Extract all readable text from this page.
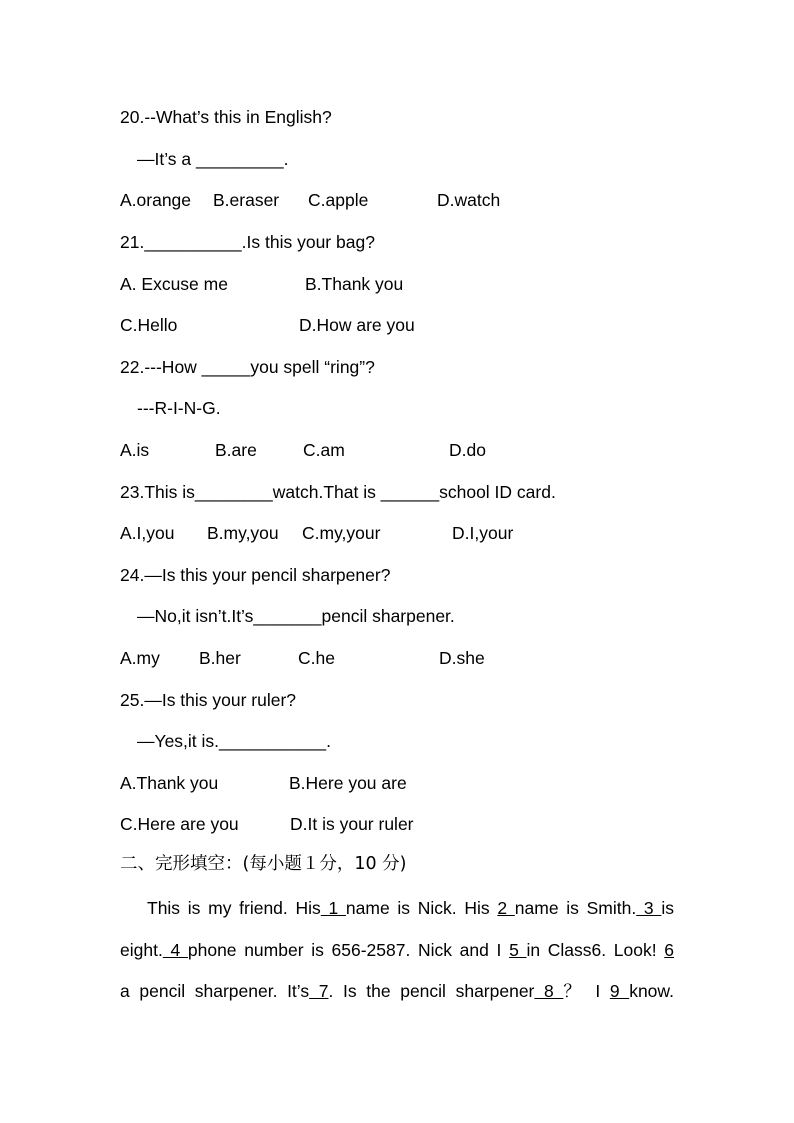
20.--What’s this in English?
—It’s a _________.
A.orange B.eraser C.apple	D.watch
21.__________.Is this your bag?
A. Excuse me	B.Thank you
C.Hello	D.How are you
22.---How _____you spell “ring”?
---R-I-N-G.
A.is	B.are	C.am	D.do
23.This is________watch.That is ______school ID card.
A.I,you B.my,you C.my,your	D.I,your
24.—Is this your pencil sharpener?
—No,it isn’t.It’s_______pencil sharpener.
A.my B.her	C.he	D.she
25.—Is this your ruler?
—Yes,it is.___________.
A.Thank you	B.Here you are
C.Here are you	D.It is your ruler
二、完形填空：(每小题１分，10 分)
This is my friend. His 1 name is Nick. His 2 name is Smith. 3 is
eight. 4 phone number is 656-2587. Nick and I 5 in Class6. Look! 6
a pencil sharpener. It’s 7. Is the pencil sharpener 8 ？ I 9 know.
